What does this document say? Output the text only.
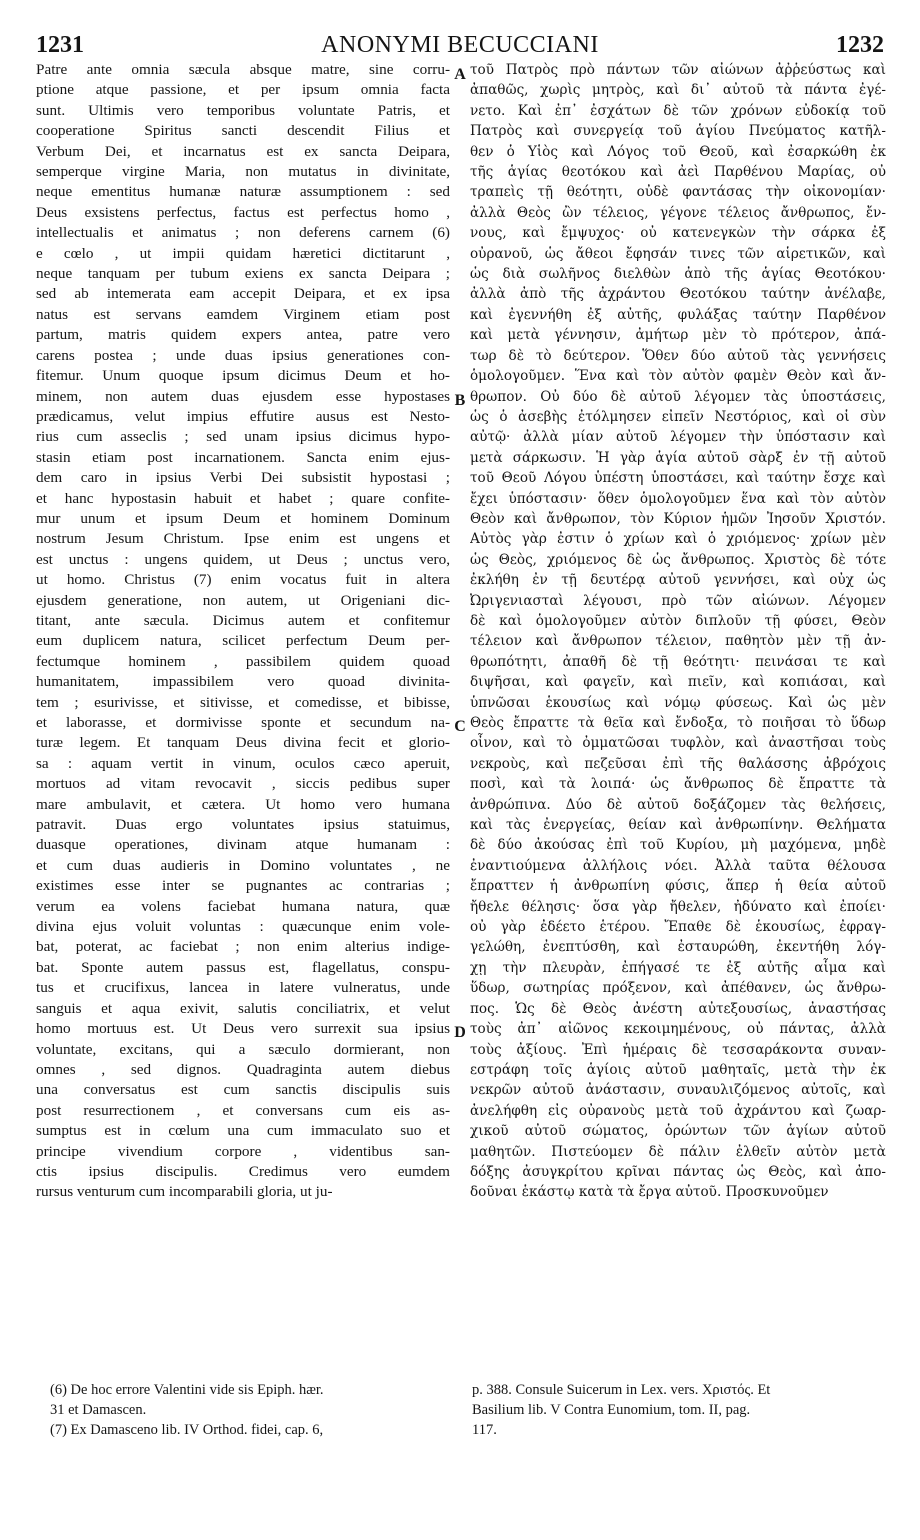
1231	ANONYMI BECUCCIANI	1232
Patre ante omnia sæcula absque matre, sine corru-
ptione atque passione, et per ipsum omnia facta
sunt. Ultimis vero temporibus voluntate Patris, et
cooperatione Spiritus sancti descendit Filius et
Verbum Dei, et incarnatus est ex sancta Deipara,
semperque virgine Maria, non mutatus in divinitate,
neque ementitus humanæ naturæ assumptionem : sed
Deus exsistens perfectus, factus est perfectus homo ,
intellectualis et animatus ; non deferens carnem (6)
e cœlo , ut impii quidam hæretici dictitarunt ,
neque tanquam per tubum exiens ex sancta Deipara ;
sed ab intemerata eam accepit Deipara, et ex ipsa
natus est servans eamdem Virginem etiam post
partum, matris quidem expers antea, patre vero
carens postea ; unde duas ipsius generationes con-
fitemur. Unum quoque ipsum dicimus Deum et ho-
minem, non autem duas ejusdem esse hypostases
prædicamus, velut impius effutire ausus est Nesto-
rius cum asseclis ; sed unam ipsius dicimus hypo-
stasin etiam post incarnationem. Sancta enim ejus-
dem caro in ipsius Verbi Dei subsistit hypostasi ;
et hanc hypostasin habuit et habet ; quare confite-
mur unum et ipsum Deum et hominem Dominum
nostrum Jesum Christum. Ipse enim est ungens et
est unctus : ungens quidem, ut Deus ; unctus vero,
ut homo. Christus (7) enim vocatus fuit in altera
ejusdem generatione, non autem, ut Origeniani dic-
titant, ante sæcula. Dicimus autem et confitemur
eum duplicem natura, scilicet perfectum Deum per-
fectumque hominem , passibilem quidem quoad
humanitatem, impassibilem vero quoad divinita-
tem ; esurivisse, et sitivisse, et comedisse, et bibisse,
et laborasse, et dormivisse sponte et secundum na-
turæ legem. Et tanquam Deus divina fecit et glorio-
sa : aquam vertit in vinum, oculos cæco aperuit,
mortuos ad vitam revocavit , siccis pedibus super
mare ambulavit, et cætera. Ut homo vero humana
patravit. Duas ergo voluntates ipsius statuimus,
duasque operationes, divinam atque humanam :
et cum duas audieris in Domino voluntates , ne
existimes esse inter se pugnantes ac contrarias ;
verum ea volens faciebat humana natura, quæ
divina ejus voluit voluntas : quæcunque enim vole-
bat, poterat, ac faciebat ; non enim alterius indige-
bat. Sponte autem passus est, flagellatus, conspu-
tus et crucifixus, lancea in latere vulneratus, unde
sanguis et aqua exivit, salutis conciliatrix, et velut
homo mortuus est. Ut Deus vero surrexit sua ipsius
voluntate, excitans, qui a sæculo dormierant, non
omnes , sed dignos. Quadraginta autem diebus
una conversatus est cum sanctis discipulis suis
post resurrectionem , et conversans cum eis as-
sumptus est in cœlum una cum immaculato suo et
principe vivendium corpore , videntibus san-
ctis ipsius discipulis. Credimus vero eumdem
rursus venturum cum incomparabili gloria, ut ju-
A
B
C
D
τοῦ Πατρὸς πρὸ πάντων τῶν αἰώνων ἀῤῥεύστως καὶ
ἀπαθῶς, χωρὶς μητρὸς, καὶ δι᾽ αὐτοῦ τὰ πάντα ἐγέ-
νετο. Καὶ ἐπ᾽ ἐσχάτων δὲ τῶν χρόνων εὐδοκίᾳ τοῦ
Πατρὸς καὶ συνεργείᾳ τοῦ ἁγίου Πνεύματος κατῆλ-
θεν ὁ Υἱὸς καὶ Λόγος τοῦ Θεοῦ, καὶ ἐσαρκώθη ἐκ
τῆς ἁγίας θεοτόκου καὶ ἀεὶ Παρθένου Μαρίας, οὐ
τραπεὶς τῇ θεότητι, οὐδὲ φαντάσας τὴν οἰκονομίαν·
ἀλλὰ Θεὸς ὢν τέλειος, γέγονε τέλειος ἄνθρωπος, ἔν-
νους, καὶ ἔμψυχος· οὐ κατενεγκὼν τὴν σάρκα ἐξ
οὐρανοῦ, ὡς ἄθεοι ἔφησάν τινες τῶν αἱρετικῶν, καὶ
ὡς διὰ σωλῆνος διελθὼν ἀπὸ τῆς ἁγίας Θεοτόκου·
ἀλλὰ ἀπὸ τῆς ἀχράντου Θεοτόκου ταύτην ἀνέλαβε,
καὶ ἐγεννήθη ἐξ αὐτῆς, φυλάξας ταύτην Παρθένον
καὶ μετὰ γέννησιν, ἀμήτωρ μὲν τὸ πρότερον, ἀπά-
τωρ δὲ τὸ δεύτερον. Ὅθεν δύο αὐτοῦ τὰς γεννήσεις
ὁμολογοῦμεν. Ἕνα καὶ τὸν αὐτὸν φαμὲν Θεὸν καὶ ἄν-
θρωπον. Οὐ δύο δὲ αὐτοῦ λέγομεν τὰς ὑποστάσεις,
ὡς ὁ ἀσεβὴς ἐτόλμησεν εἰπεῖν Νεστόριος, καὶ οἱ σὺν
αὐτῷ· ἀλλὰ μίαν αὐτοῦ λέγομεν τὴν ὑπόστασιν καὶ
μετὰ σάρκωσιν. Ἡ γὰρ ἁγία αὐτοῦ σὰρξ ἐν τῇ αὐτοῦ
τοῦ Θεοῦ Λόγου ὑπέστη ὑποστάσει, καὶ ταύτην ἔσχε καὶ
ἔχει ὑπόστασιν· ὅθεν ὁμολογοῦμεν ἕνα καὶ τὸν αὐτὸν
Θεὸν καὶ ἄνθρωπον, τὸν Κύριον ἡμῶν Ἰησοῦν Χριστόν.
Αὐτὸς γὰρ ἐστιν ὁ χρίων καὶ ὁ χριόμενος· χρίων μὲν
ὡς Θεὸς, χριόμενος δὲ ὡς ἄνθρωπος. Χριστὸς δὲ τότε
ἐκλήθη ἐν τῇ δευτέρᾳ αὐτοῦ γεννήσει, καὶ οὐχ ὡς
Ὠριγενιασταὶ λέγουσι, πρὸ τῶν αἰώνων. Λέγομεν
δὲ καὶ ὁμολογοῦμεν αὐτὸν διπλοῦν τῇ φύσει, Θεὸν
τέλειον καὶ ἄνθρωπον τέλειον, παθητὸν μὲν τῇ ἀν-
θρωπότητι, ἀπαθῆ δὲ τῇ θεότητι· πεινάσαι τε καὶ
διψῆσαι, καὶ φαγεῖν, καὶ πιεῖν, καὶ κοπιάσαι, καὶ
ὑπνῶσαι ἑκουσίως καὶ νόμῳ φύσεως. Καὶ ὡς μὲν
Θεὸς ἔπραττε τὰ θεῖα καὶ ἔνδοξα, τὸ ποιῆσαι τὸ ὕδωρ
οἶνον, καὶ τὸ ὀμματῶσαι τυφλὸν, καὶ ἀναστῆσαι τοὺς
νεκροὺς, καὶ πεζεῦσαι ἐπὶ τῆς θαλάσσης ἀβρόχοις
ποσὶ, καὶ τὰ λοιπά· ὡς ἄνθρωπος δὲ ἔπραττε τὰ
ἀνθρώπινα. Δύο δὲ αὐτοῦ δοξάζομεν τὰς θελήσεις,
καὶ τὰς ἐνεργείας, θείαν καὶ ἀνθρωπίνην. Θελήματα
δὲ δύο ἀκούσας ἐπὶ τοῦ Κυρίου, μὴ μαχόμενα, μηδὲ
ἐναντιούμενα ἀλλήλοις νόει. Ἀλλὰ ταῦτα θέλουσα
ἔπραττεν ἡ ἀνθρωπίνη φύσις, ἅπερ ἡ θεία αὐτοῦ
ἤθελε θέλησις· ὅσα γὰρ ἤθελεν, ἠδύνατο καὶ ἐποίει·
οὐ γὰρ ἐδέετο ἑτέρου. Ἔπαθε δὲ ἑκουσίως, ἐφραγ-
γελώθη, ἐνεπτύσθη, καὶ ἐσταυρώθη, ἐκεντήθη λόγ-
χῃ τὴν πλευρὰν, ἐπήγασέ τε ἐξ αὐτῆς αἷμα καὶ
ὕδωρ, σωτηρίας πρόξενον, καὶ ἀπέθανεν, ὡς ἄνθρω-
πος. Ὡς δὲ Θεὸς ἀνέστη αὐτεξουσίως, ἀναστήσας
τοὺς ἀπ᾽ αἰῶνος κεκοιμημένους, οὐ πάντας, ἀλλὰ
τοὺς ἀξίους. Ἐπὶ ἡμέραις δὲ τεσσαράκοντα συναν-
εστράφη τοῖς ἁγίοις αὐτοῦ μαθηταῖς, μετὰ τὴν ἐκ
νεκρῶν αὐτοῦ ἀνάστασιν, συναυλιζόμενος αὐτοῖς, καὶ
ἀνελήφθη εἰς οὐρανοὺς μετὰ τοῦ ἀχράντου καὶ ζωαρ-
χικοῦ αὐτοῦ σώματος, ὁρώντων τῶν ἁγίων αὐτοῦ
μαθητῶν. Πιστεύομεν δὲ πάλιν ἐλθεῖν αὐτὸν μετὰ
δόξης ἀσυγκρίτου κρῖναι πάντας ὡς Θεὸς, καὶ ἀπο-
δοῦναι ἑκάστῳ κατὰ τὰ ἔργα αὐτοῦ. Προσκυνοῦμεν
(6) De hoc errore Valentini vide sis Epiph. hær.
31 et Damascen.
(7) Ex Damasceno lib. IV Orthod. fidei, cap. 6,
p. 388. Consule Suicerum in Lex. vers. Χριστός. Et
Basilium lib. V Contra Eunomium, tom. II, pag.
117.
